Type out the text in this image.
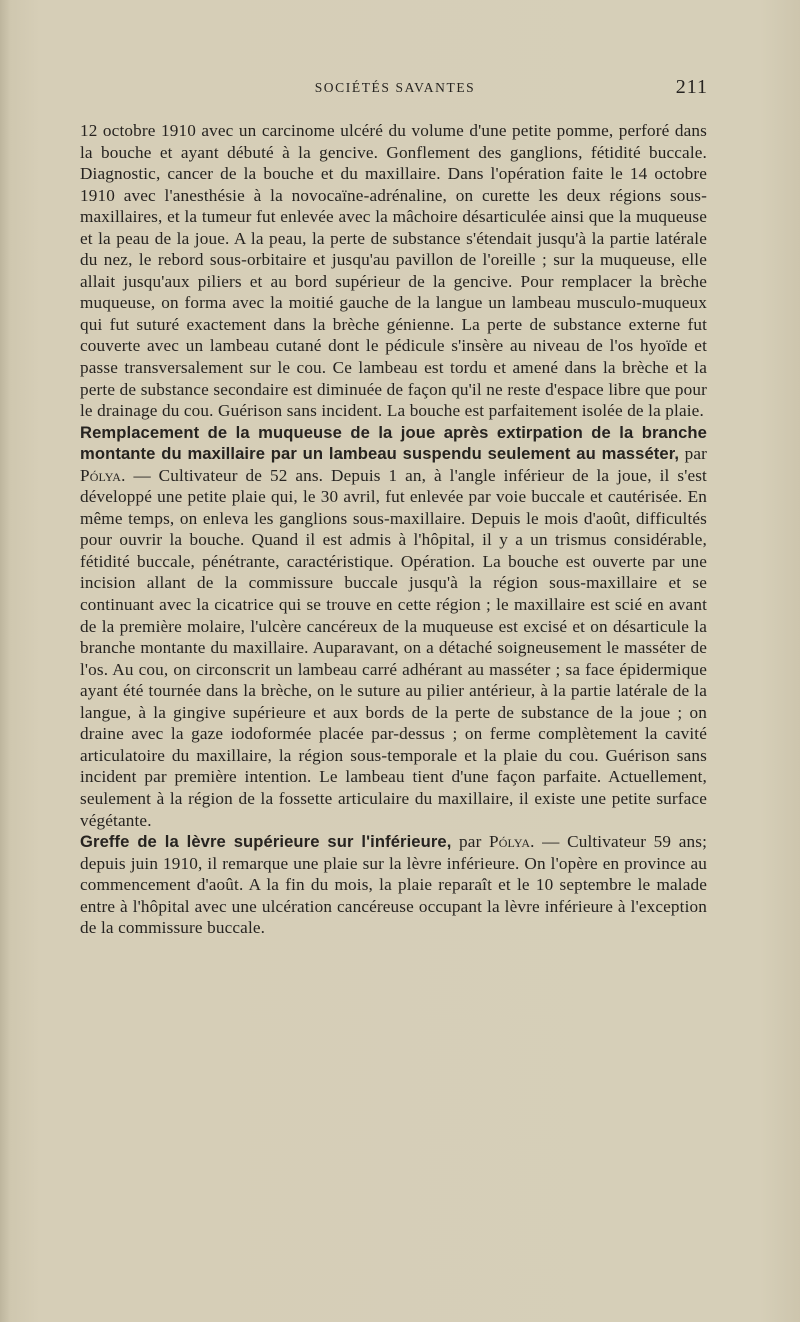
SOCIÉTÉS SAVANTES	211

12 octobre 1910 avec un carcinome ulcéré du volume d'une petite pomme, perforé dans la bouche et ayant débuté à la gencive. Gonflement des ganglions, fétidité buccale. Diagnostic, cancer de la bouche et du maxillaire. Dans l'opération faite le 14 octobre 1910 avec l'anesthésie à la novocaïne-adrénaline, on curette les deux régions sous-maxillaires, et la tumeur fut enlevée avec la mâchoire désarticulée ainsi que la muqueuse et la peau de la joue. A la peau, la perte de substance s'étendait jusqu'à la partie latérale du nez, le rebord sous-orbitaire et jusqu'au pavillon de l'oreille ; sur la muqueuse, elle allait jusqu'aux piliers et au bord supérieur de la gencive. Pour remplacer la brèche muqueuse, on forma avec la moitié gauche de la langue un lambeau musculo-muqueux qui fut suturé exactement dans la brèche génienne. La perte de substance externe fut couverte avec un lambeau cutané dont le pédicule s'insère au niveau de l'os hyoïde et passe transversalement sur le cou. Ce lambeau est tordu et amené dans la brèche et la perte de substance secondaire est diminuée de façon qu'il ne reste d'espace libre que pour le drainage du cou. Guérison sans incident. La bouche est parfaitement isolée de la plaie.

Remplacement de la muqueuse de la joue après extirpation de la branche montante du maxillaire par un lambeau suspendu seulement au masséter, par Pólya. — Cultivateur de 52 ans. Depuis 1 an, à l'angle inférieur de la joue, il s'est développé une petite plaie qui, le 30 avril, fut enlevée par voie buccale et cautérisée. En même temps, on enleva les ganglions sous-maxillaire. Depuis le mois d'août, difficultés pour ouvrir la bouche. Quand il est admis à l'hôpital, il y a un trismus considérable, fétidité buccale, pénétrante, caractéristique. Opération. La bouche est ouverte par une incision allant de la commissure buccale jusqu'à la région sous-maxillaire et se continuant avec la cicatrice qui se trouve en cette région ; le maxillaire est scié en avant de la première molaire, l'ulcère cancéreux de la muqueuse est excisé et on désarticule la branche montante du maxillaire. Auparavant, on a détaché soigneusement le masséter de l'os. Au cou, on circonscrit un lambeau carré adhérant au masséter ; sa face épidermique ayant été tournée dans la brèche, on le suture au pilier antérieur, à la partie latérale de la langue, à la gingive supérieure et aux bords de la perte de substance de la joue ; on draine avec la gaze iodoformée placée par-dessus ; on ferme complètement la cavité articulatoire du maxillaire, la région sous-temporale et la plaie du cou. Guérison sans incident par première intention. Le lambeau tient d'une façon parfaite. Actuellement, seulement à la région de la fossette articulaire du maxillaire, il existe une petite surface végétante.

Greffe de la lèvre supérieure sur l'inférieure, par Pólya. — Cultivateur 59 ans; depuis juin 1910, il remarque une plaie sur la lèvre inférieure. On l'opère en province au commencement d'août. A la fin du mois, la plaie reparaît et le 10 septembre le malade entre à l'hôpital avec une ulcération cancéreuse occupant la lèvre inférieure à l'exception de la commissure buccale.
